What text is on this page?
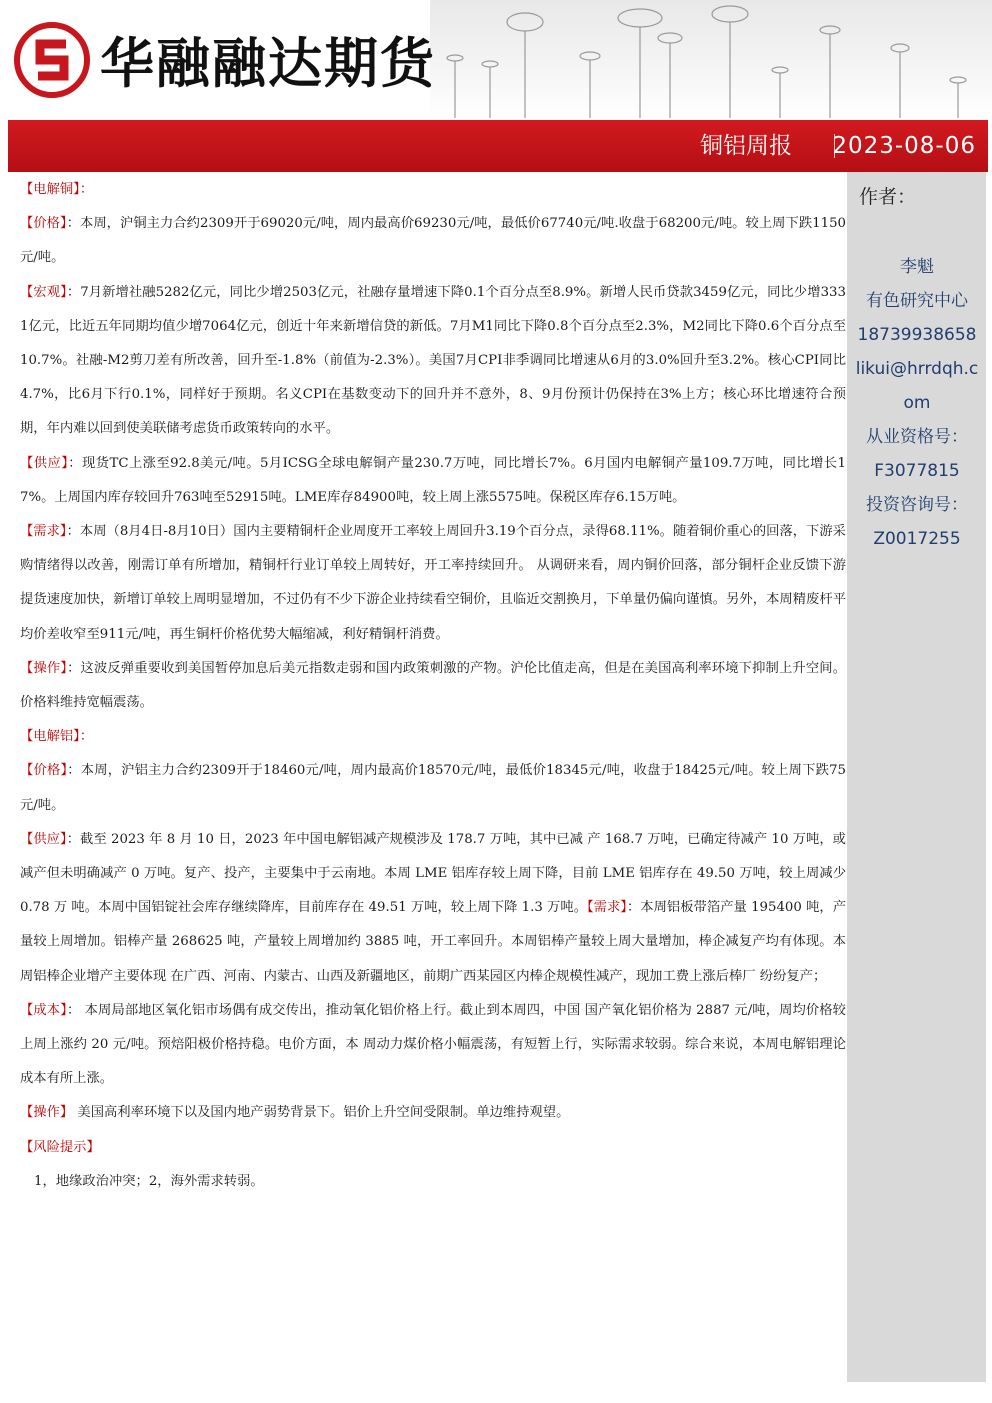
华融融达期货
铜铝周报 2023-08-06
作者：
李魁
有色研究中心
18739938658
likui@hrrdqh.com
从业资格号：
F3077815
投资咨询号：
Z0017255

【电解铜】：

【价格】：本周，沪铜主力合约2309开于69020元/吨，周内最高价69230元/吨，最低价67740元/吨.收盘于68200元/吨。较上周下跌1150元/吨。

【宏观】：7月新增社融5282亿元，同比少增2503亿元，社融存量增速下降0.1个百分点至8.9%。新增人民币贷款3459亿元，同比少增3331亿元，比近五年同期均值少增7064亿元，创近十年来新增信贷的新低。7月M1同比下降0.8个百分点至2.3%，M2同比下降0.6个百分点至10.7%。社融-M2剪刀差有所改善，回升至-1.8%（前值为-2.3%）。美国7月CPI非季调同比增速从6月的3.0%回升至3.2%。核心CPI同比4.7%，比6月下行0.1%，同样好于预期。名义CPI在基数变动下的回升并不意外，8、9月份预计仍保持在3%上方；核心环比增速符合预期，年内难以回到使美联储考虑货币政策转向的水平。

【供应】：现货TC上涨至92.8美元/吨。5月ICSG全球电解铜产量230.7万吨，同比增长7%。6月国内电解铜产量109.7万吨，同比增长17%。上周国内库存较回升763吨至52915吨。LME库存84900吨，较上周上涨5575吨。保税区库存6.15万吨。

【需求】：本周（8月4日-8月10日）国内主要精铜杆企业周度开工率较上周回升3.19个百分点，录得68.11%。随着铜价重心的回落，下游采购情绪得以改善，刚需订单有所增加，精铜杆行业订单较上周转好，开工率持续回升。 从调研来看，周内铜价回落，部分铜杆企业反馈下游提货速度加快，新增订单较上周明显增加，不过仍有不少下游企业持续看空铜价，且临近交割换月，下单量仍偏向谨慎。另外，本周精废杆平均价差收窄至911元/吨，再生铜杆价格优势大幅缩减，利好精铜杆消费。

【操作】：这波反弹重要收到美国暂停加息后美元指数走弱和国内政策刺激的产物。沪伦比值走高，但是在美国高利率环境下抑制上升空间。价格料维持宽幅震荡。

【电解铝】：

【价格】：本周，沪铝主力合约2309开于18460元/吨，周内最高价18570元/吨，最低价18345元/吨，收盘于18425元/吨。较上周下跌75元/吨。

【供应】：截至 2023 年 8 月 10 日，2023 年中国电解铝减产规模涉及 178.7 万吨，其中已减 产 168.7 万吨，已确定待减产 10 万吨，或减产但未明确减产 0 万吨。复产、投产，主要集中于云南地。本周 LME 铝库存较上周下降，目前 LME 铝库存在 49.50 万吨，较上周减少 0.78 万 吨。本周中国铝锭社会库存继续降库，目前库存在 49.51 万吨，较上周下降 1.3 万吨。【需求】：本周铝板带箔产量 195400 吨，产量较上周增加。铝棒产量 268625 吨，产量较上周增加约 3885 吨，开工率回升。本周铝棒产量较上周大量增加，棒企减复产均有体现。本周铝棒企业增产主要体现 在广西、河南、内蒙古、山西及新疆地区，前期广西某园区内棒企规模性减产，现加工费上涨后棒厂 纷纷复产；

【成本】： 本周局部地区氧化铝市场偶有成交传出，推动氧化铝价格上行。截止到本周四，中国 国产氧化铝价格为 2887 元/吨，周均价格较上周上涨约 20 元/吨。预焙阳极价格持稳。电价方面，本 周动力煤价格小幅震荡，有短暂上行，实际需求较弱。综合来说，本周电解铝理论成本有所上涨。

【操作】 美国高利率环境下以及国内地产弱势背景下。铝价上升空间受限制。单边维持观望。

【风险提示】

1，地缘政治冲突；2，海外需求转弱。
